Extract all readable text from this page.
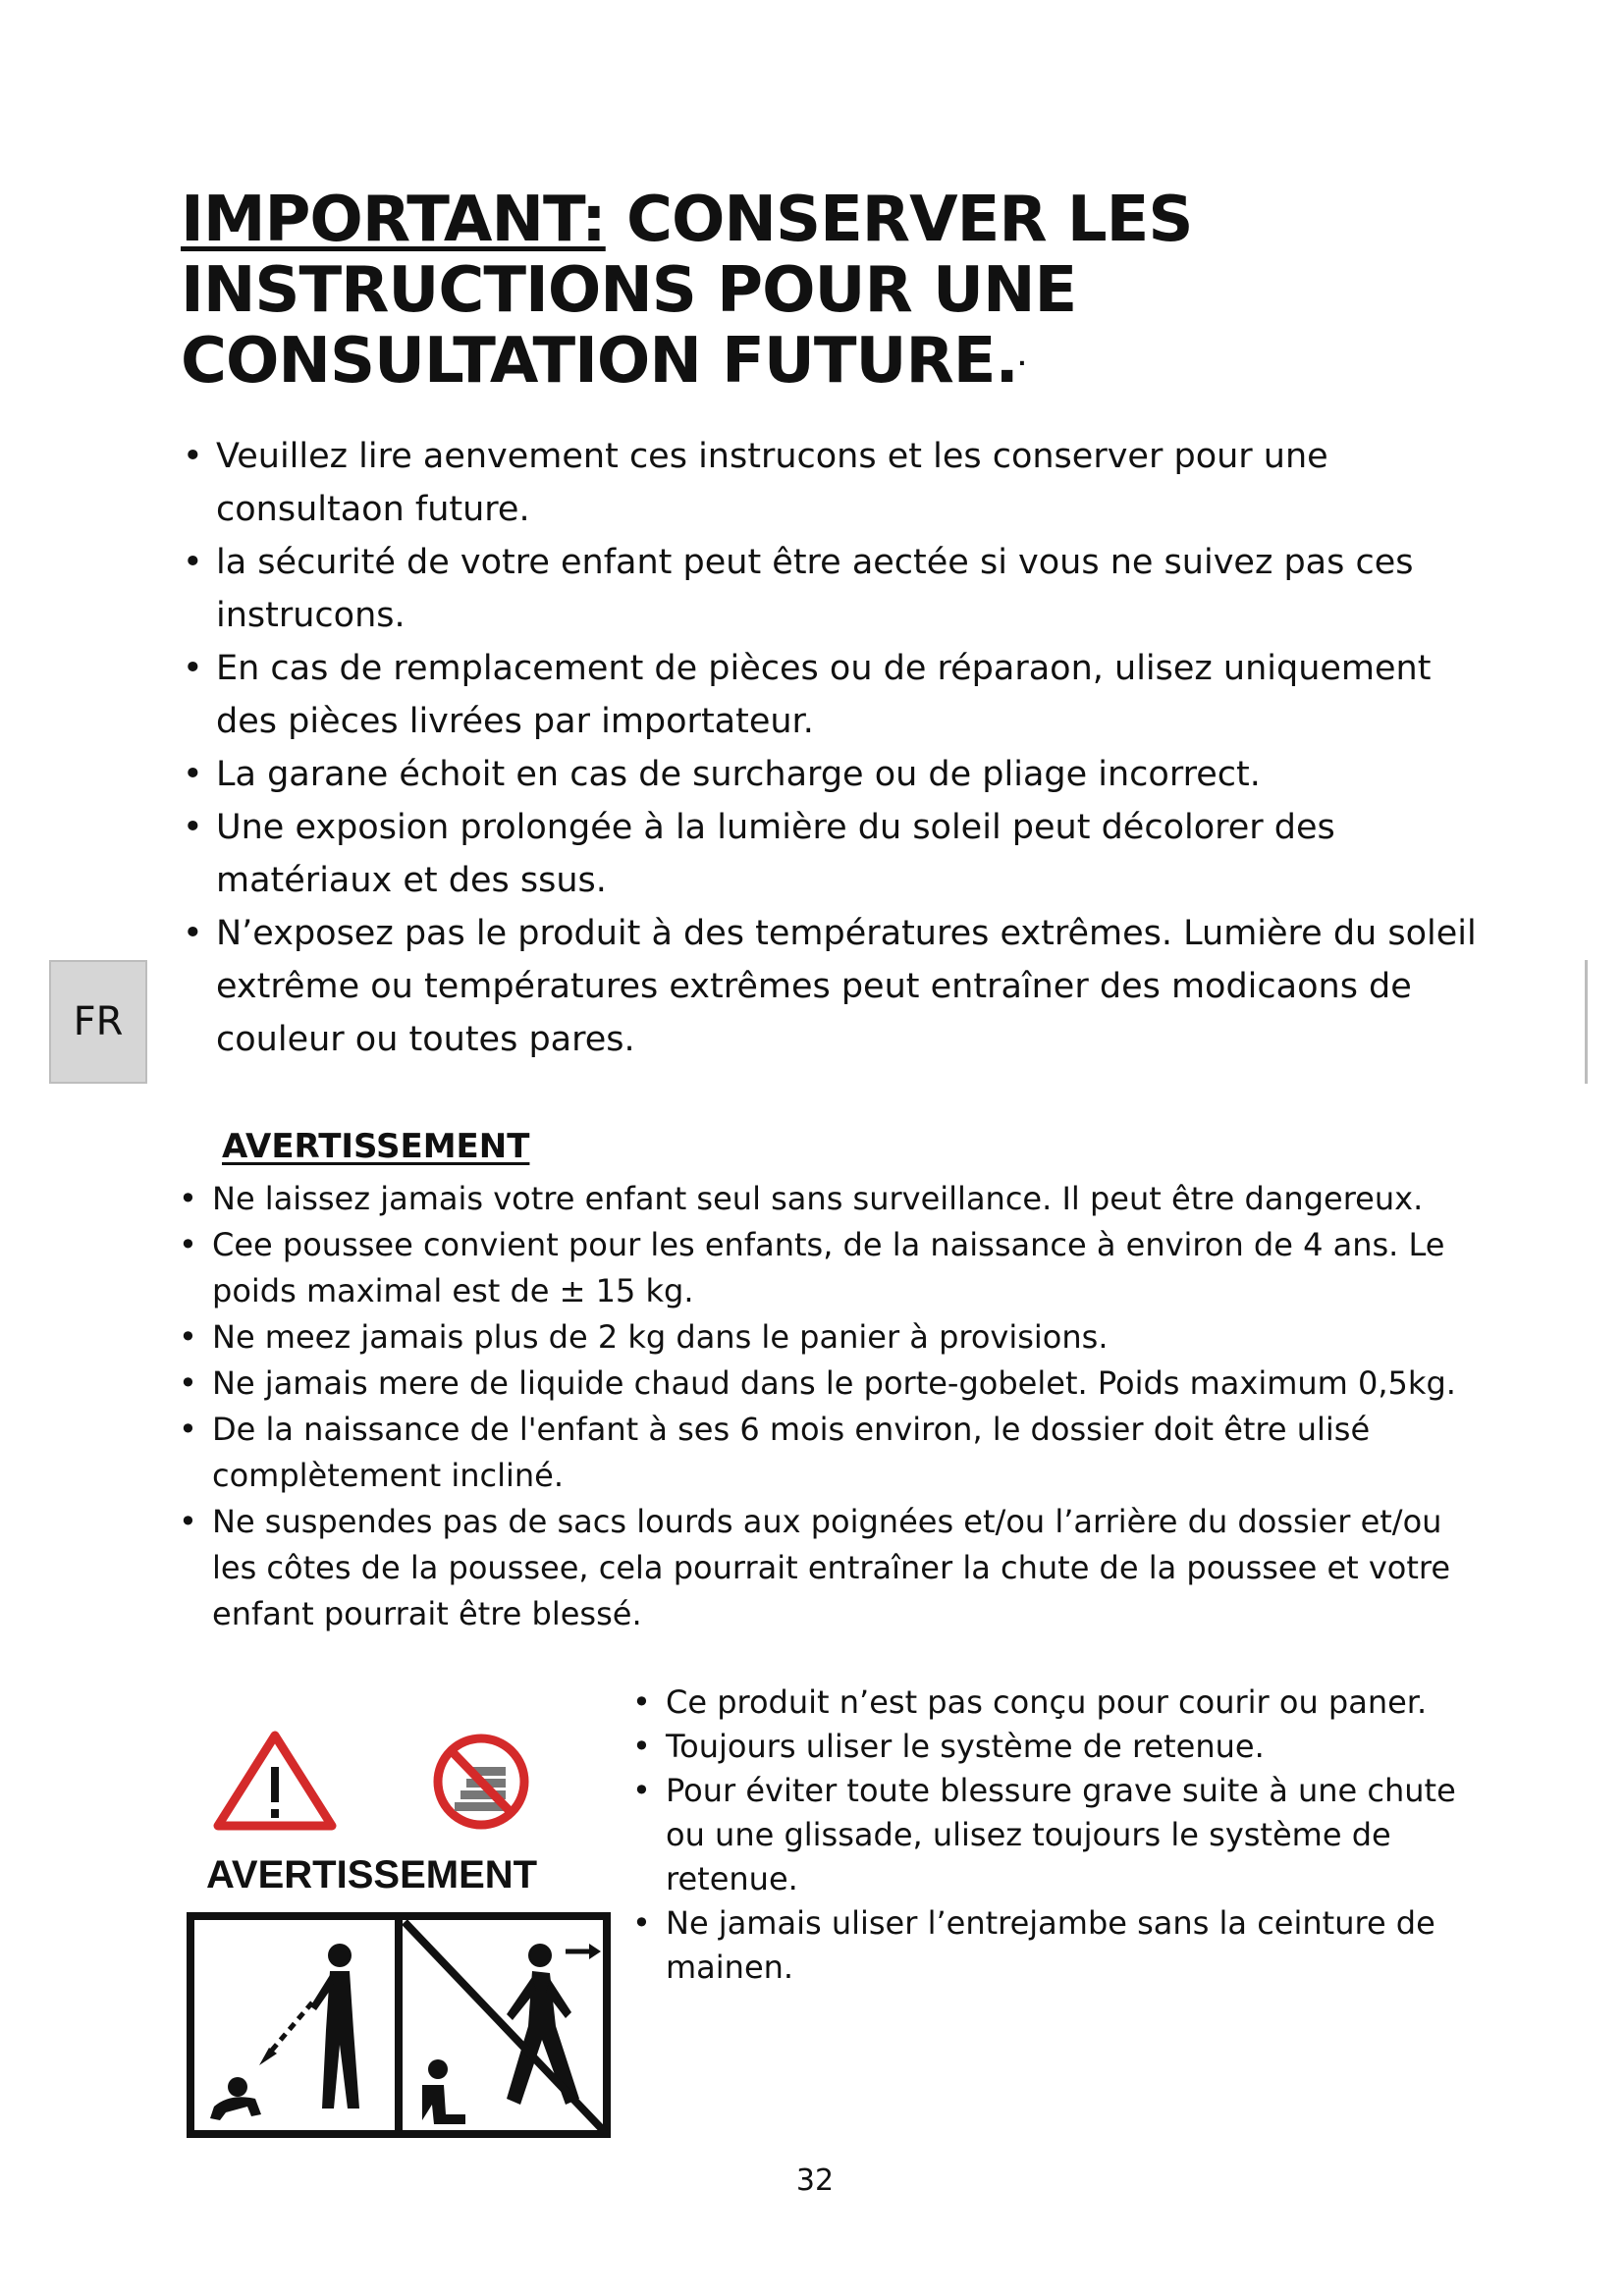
IMPORTANT: CONSERVER LES
INSTRUCTIONS POUR UNE
CONSULTATION FUTURE.·
• Veuillez lire aenvement ces instrucons et les conserver pour une consultaon future.
• la sécurité de votre enfant peut être aectée si vous ne suivez pas ces instrucons.
• En cas de remplacement de pièces ou de réparaon, ulisez uniquement des pièces livrées par importateur.
• La garane échoit en cas de surcharge ou de pliage incorrect.
• Une exposion prolongée à la lumière du soleil peut décolorer des matériaux et des ssus.
• N’exposez pas le produit à des températures extrêmes. Lumière du soleil extrême ou températures extrêmes peut entraîner des modicaons de couleur ou toutes pares.
FR
AVERTISSEMENT
• Ne laissez jamais votre enfant seul sans surveillance. Il peut être dangereux.
• Cee poussee convient pour les enfants, de la naissance à environ de 4 ans. Le poids maximal est de ± 15 kg.
• Ne meez jamais plus de 2 kg dans le panier à provisions.
• Ne jamais mere de liquide chaud dans le porte-gobelet. Poids maximum 0,5kg.
• De la naissance de l'enfant à ses 6 mois environ, le dossier doit être ulisé complètement incliné.
• Ne suspendes pas de sacs lourds aux poignées et/ou l’arrière du dossier et/ou les côtes de la poussee, cela pourrait entraîner la chute de la poussee et votre enfant pourrait être blessé.
• Ce produit n’est pas conçu pour courir ou paner.
• Toujours uliser le système de retenue.
• Pour éviter toute blessure grave suite à une chute ou une glissade, ulisez toujours le système de retenue.
• Ne jamais uliser l’entrejambe sans la ceinture de mainen.
AVERTISSEMENT
32
